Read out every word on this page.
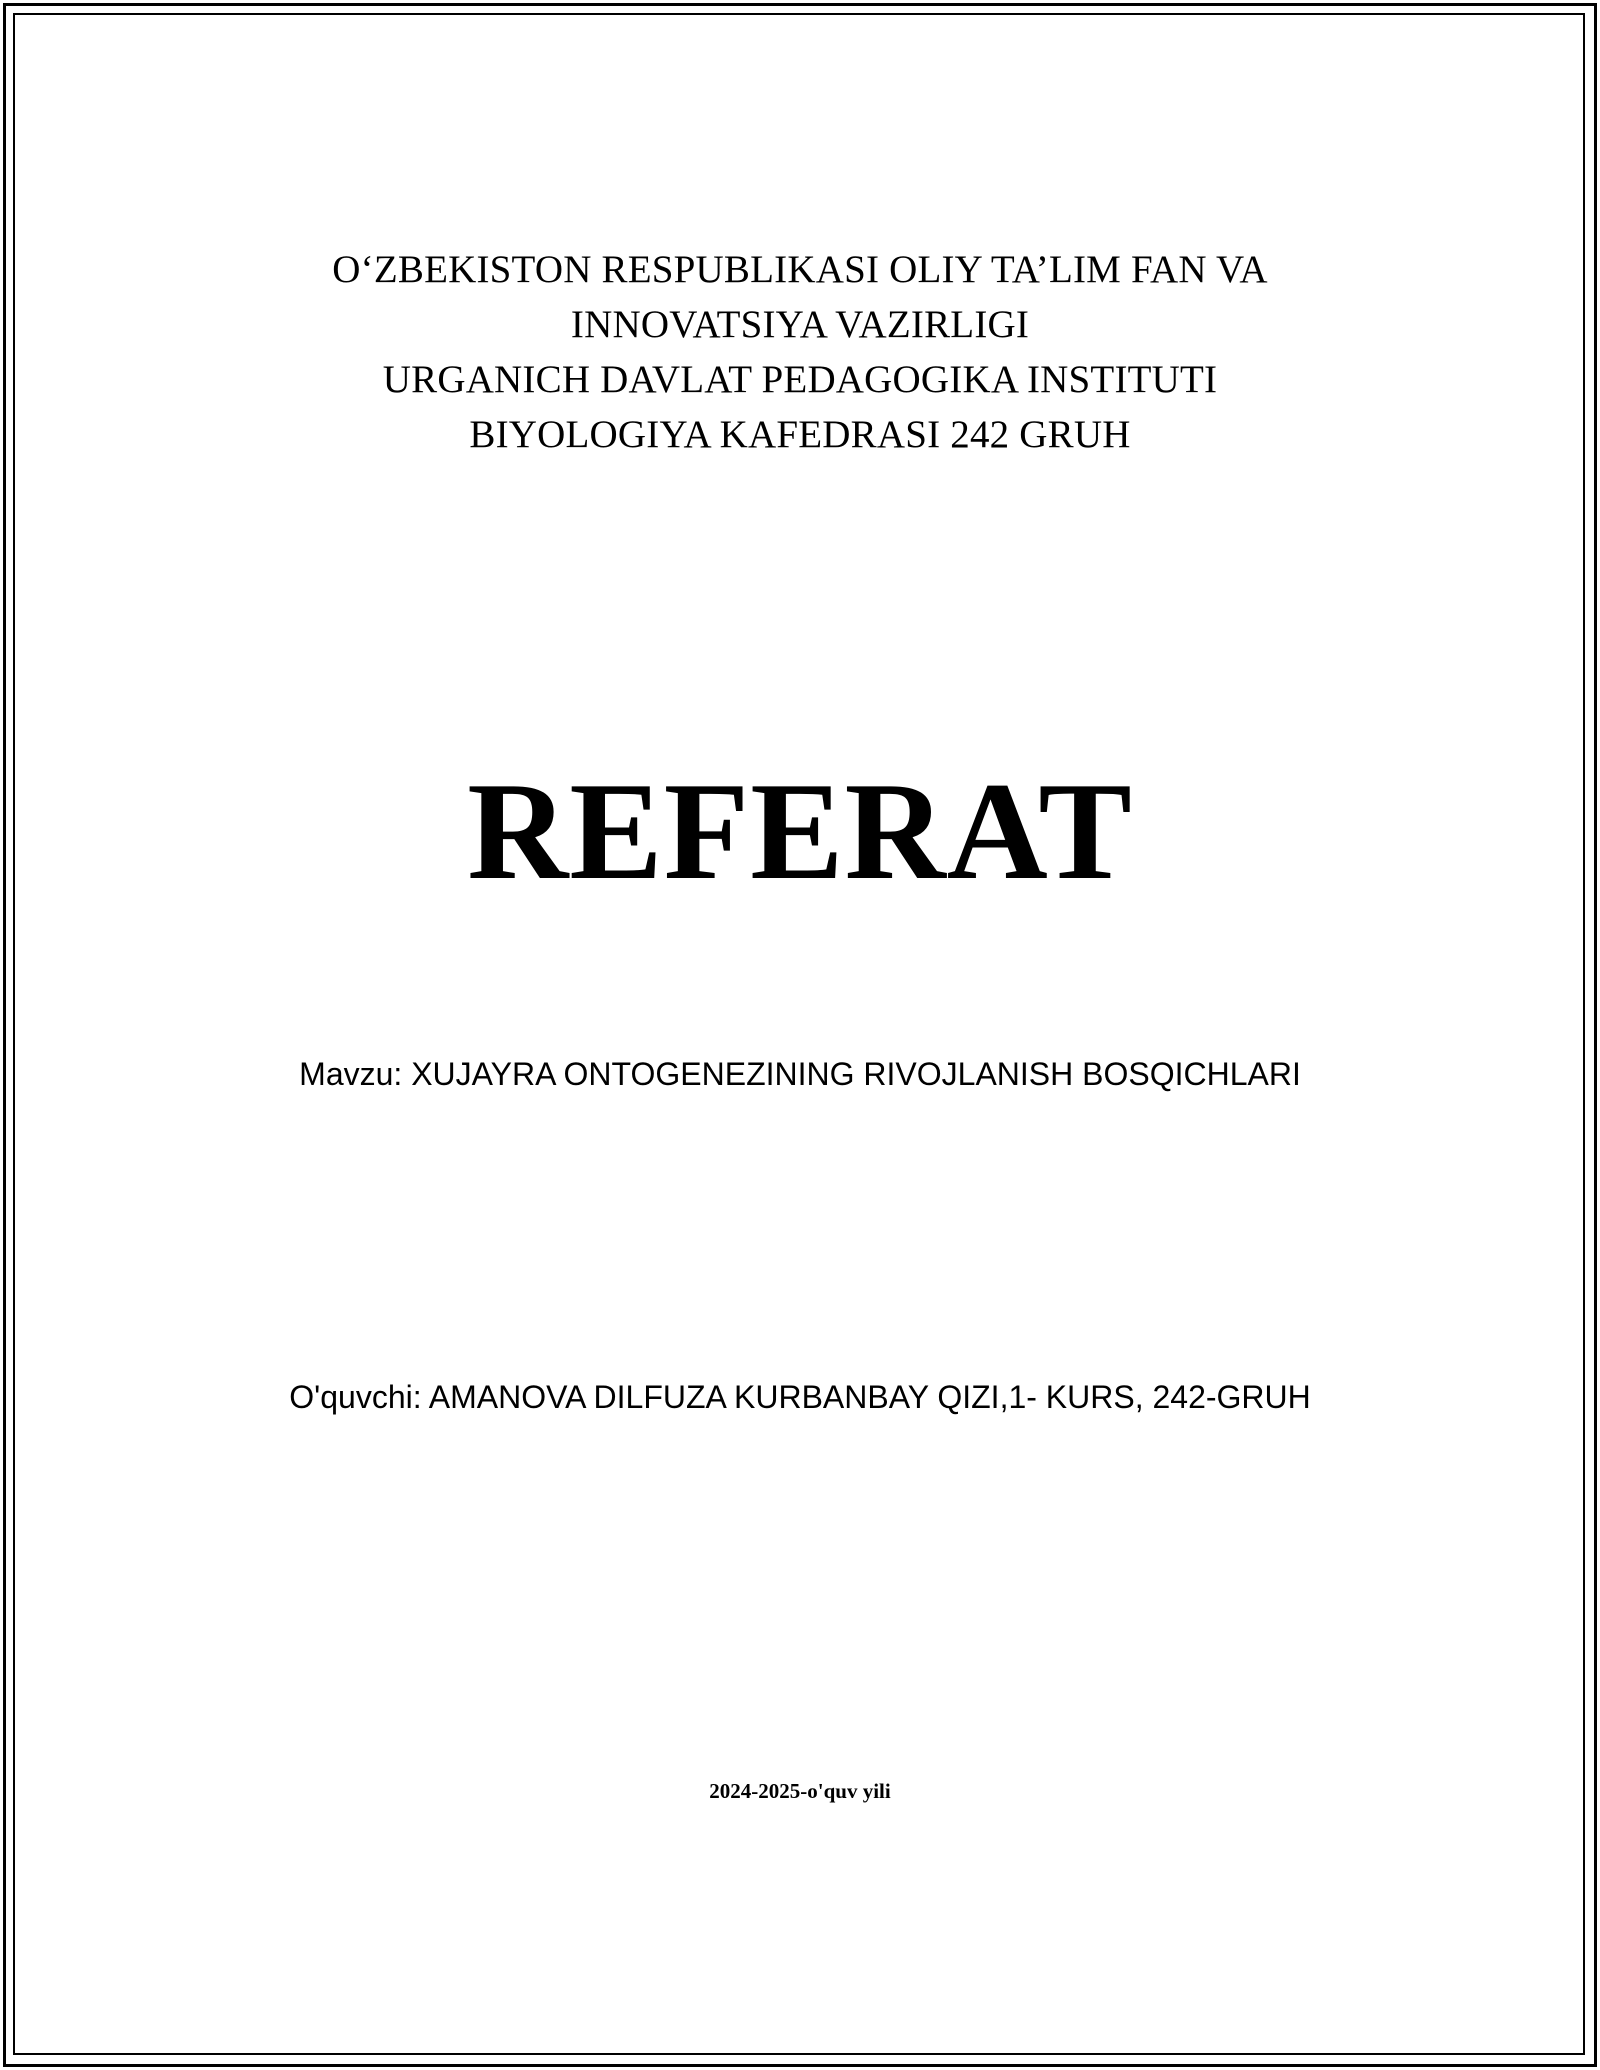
O‘ZBEKISTON RESPUBLIKASI OLIY TA’LIM FAN VA
INNOVATSIYA VAZIRLIGI
URGANICH DAVLAT PEDAGOGIKA INSTITUTI
BIYOLOGIYA KAFEDRASI 242 GRUH
REFERAT
Mavzu: XUJAYRA ONTOGENEZINING RIVOJLANISH BOSQICHLARI
O'quvchi: AMANOVA DILFUZA KURBANBAY QIZI,1- KURS, 242-GRUH
2024-2025-o'quv yili
